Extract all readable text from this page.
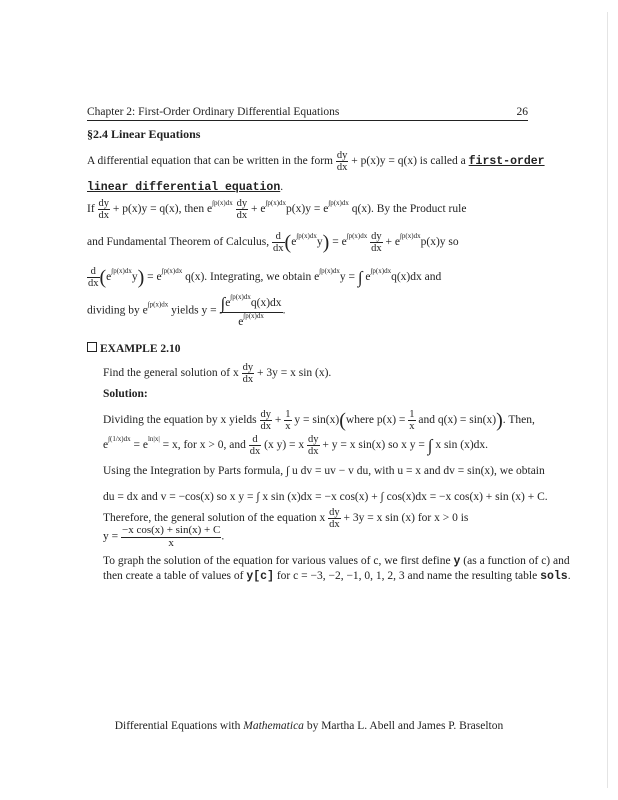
Chapter 2: First-Order Ordinary Differential Equations	26
§2.4 Linear Equations
A differential equation that can be written in the form $\frac{dy}{dx} + p(x)y = q(x)$ is called a first-order
linear differential equation.
If $\frac{dy}{dx} + p(x)y = q(x)$, then $e^{\int p(x)dx} \frac{dy}{dx} + e^{\int p(x)dx}p(x)y = e^{\int p(x)dx}$ q(x). By the Product rule
and Fundamental Theorem of Calculus, $\frac{d}{dx} (e^{\int p(x)dx}y) = e^{\int p(x)dx} \frac{dy}{dx} + e^{\int p(x)dx}p(x)y$ so
$\frac{d}{dx} (e^{\int p(x)dx}y) = e^{\int p(x)dx}$ q(x). Integrating, we obtain $e^{\int p(x)dx}y$ = ∫ $e^{\int p(x)dx}q(x)dx$ and
dividing by $e^{\int p(x)dx}$ yields $y = \frac{\int e^{\int p(x)dx}q(x)dx}{e^{\int p(x)dx}}$ .
EXAMPLE 2.10
Find the general solution of x $\frac{dy}{dx} + 3y = x$ sin (x).
Solution:
Dividing the equation by x yields $\frac{dy}{dx} + \frac{1}{x}$ y = sin(x)(where $p(x) = \frac{1}{x}$ and q(x) = sin(x)). Then,
$e^{\int(1/x)dx} = e^{ln|x|} = x$, for x > 0, and $\frac{d}{dx} (x$ y) = x $\frac{dy}{dx} + y = x$ sin(x) so x y = ∫ x sin (x)dx.
Using the Integration by Parts formula, ∫ u dv = uv − v du, with u = x and dv = sin(x), we obtain
du = dx and v = −cos(x) so x y = ∫ x sin (x)dx = −x cos(x) + ∫ cos(x)dx = −x cos(x) + sin (x) + C.
Therefore, the general solution of the equation x $\frac{dy}{dx} + 3y = x$ sin (x) for x > 0 is
$y = \frac{\text{−x cos(x) + sin(x) + C}}{x}$ .
To graph the solution of the equation for various values of c, we first define y (as a function of c) and
then create a table of values of y[c] for c = −3, −2, −1, 0, 1, 2, 3 and name the resulting table sols.
Differential Equations with Mathematica by Martha L. Abell and James P. Braselton
